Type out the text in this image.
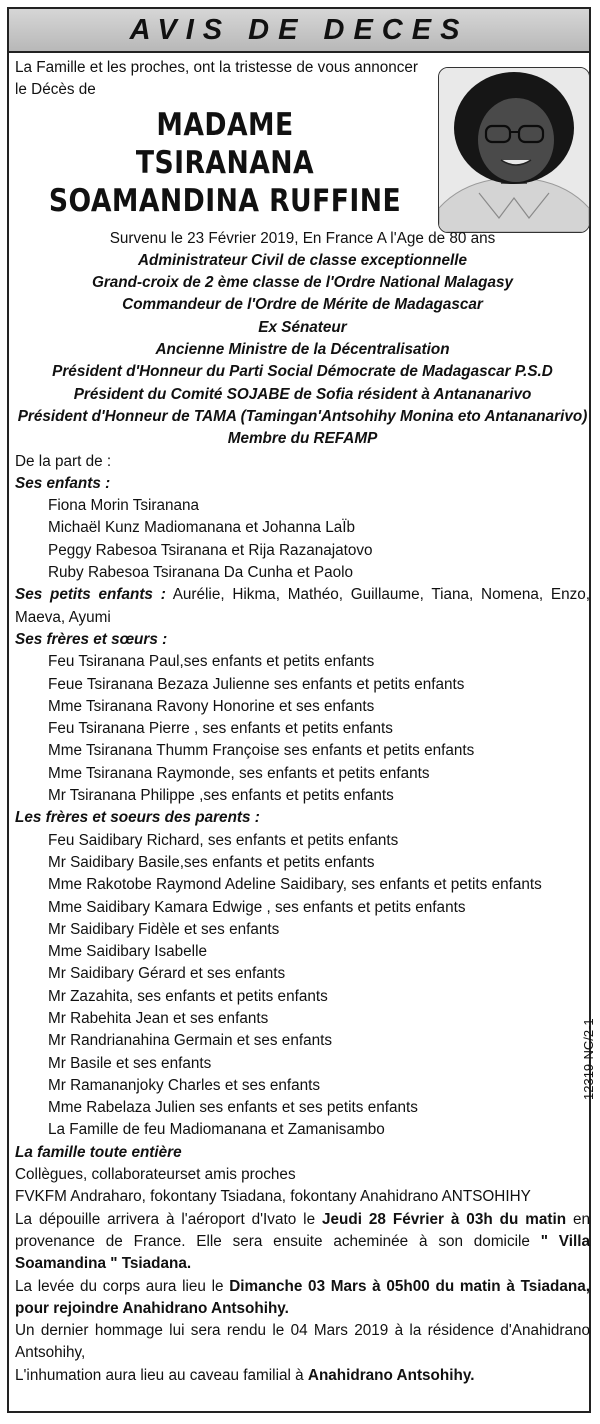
AVIS DE DECES

La Famille et les proches, ont la tristesse de vous annoncer le Décès de

MADAME

TSIRANANA

SOAMANDINA RUFFINE

Survenu le 23 Février 2019, En France A l'Age de 80 ans

Administrateur Civil de classe exceptionnelle

Grand-croix de 2 ème classe de l'Ordre National Malagasy

Commandeur de l'Ordre de Mérite de Madagascar

Ex Sénateur

Ancienne Ministre de la Décentralisation

Président d'Honneur du Parti Social Démocrate de Madagascar P.S.D

Président du Comité SOJABE de Sofia résident à Antananarivo

Président d'Honneur de TAMA (Tamingan'Antsohihy Monina eto Antananarivo)

Membre du REFAMP

De la part de :

Ses enfants :

Fiona Morin Tsiranana

Michaël Kunz Madiomanana et Johanna LaÏb

Peggy Rabesoa Tsiranana et Rija Razanajatovo

Ruby Rabesoa Tsiranana Da Cunha et Paolo

Ses petits enfants : Aurélie, Hikma, Mathéo, Guillaume, Tiana, Nomena, Enzo, Maeva, Ayumi

Ses frères et sœurs :

Feu Tsiranana Paul,ses enfants et petits enfants

Feue Tsiranana Bezaza Julienne ses enfants et petits enfants

Mme Tsiranana Ravony Honorine et ses enfants

Feu Tsiranana Pierre , ses enfants et petits enfants

Mme Tsiranana Thumm Françoise ses enfants et petits enfants

Mme Tsiranana Raymonde, ses enfants et petits enfants

Mr Tsiranana Philippe ,ses enfants et petits enfants

Les frères et soeurs des parents :

Feu Saidibary Richard, ses enfants et petits enfants

Mr Saidibary Basile,ses enfants et petits enfants

Mme Rakotobe Raymond Adeline Saidibary, ses enfants et petits enfants

Mme Saidibary Kamara Edwige , ses enfants et petits enfants

Mr Saidibary Fidèle et ses enfants

Mme Saidibary Isabelle

Mr Saidibary Gérard et ses enfants

Mr Zazahita, ses enfants et petits enfants

Mr Rabehita Jean et ses enfants

Mr Randrianahina Germain et ses enfants

Mr Basile et ses enfants

Mr Ramananjoky Charles et ses enfants

Mme Rabelaza Julien ses enfants et ses petits enfants

La Famille de feu Madiomanana et Zamanisambo

La famille toute entière

Collègues, collaborateurset amis proches

FVKFM Andraharo, fokontany Tsiadana, fokontany Anahidrano ANTSOHIHY

La dépouille arrivera à l'aéroport d'Ivato le Jeudi 28 Février à 03h du matin en provenance de France. Elle sera ensuite acheminée à son domicile " Villa Soamandina " Tsiadana.

La levée du corps aura lieu le Dimanche 03 Mars à 05h00 du matin à Tsiadana, pour rejoindre Anahidrano Antsohihy.

Un dernier hommage lui sera rendu le 04 Mars 2019 à la résidence d'Anahidrano Antsohihy,

L'inhumation aura lieu au caveau familial à Anahidrano Antsohihy.

12319-NC/2-1
